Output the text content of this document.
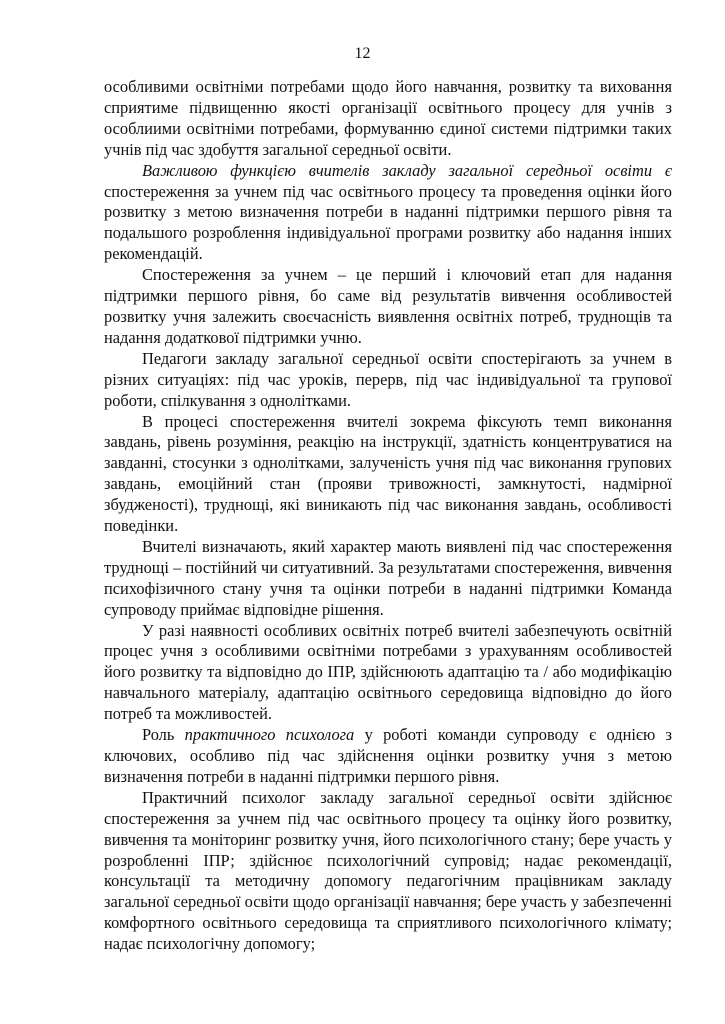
12

особливими освітніми потребами щодо його навчання, розвитку та виховання сприятиме підвищенню якості організації освітнього процесу для учнів з особлиими освітніми потребами, формуванню єдиної системи підтримки таких учнів під час здобуття загальної середньої освіти.

Важливою функцією вчителів закладу загальної середньої освіти є спостереження за учнем під час освітнього процесу та проведення оцінки його розвитку з метою визначення потреби в наданні підтримки першого рівня та подальшого розроблення індивідуальної програми розвитку або надання інших рекомендацій.

Спостереження за учнем – це перший і ключовий етап для надання підтримки першого рівня, бо саме від результатів вивчення особливостей розвитку учня залежить своєчасність виявлення освітніх потреб, труднощів та надання додаткової підтримки учню.

Педагоги закладу загальної середньої освіти спостерігають за учнем в різних ситуаціях: під час уроків, перерв, під час індивідуальної та групової роботи, спілкування з однолітками.

В процесі спостереження вчителі зокрема фіксують темп виконання завдань, рівень розуміння, реакцію на інструкції, здатність концентруватися на завданні, стосунки з однолітками, залученість учня під час виконання групових завдань, емоційний стан (прояви тривожності, замкнутості, надмірної збудженості), труднощі, які виникають під час виконання завдань, особливості поведінки.

Вчителі визначають, який характер мають виявлені під час спостереження труднощі – постійний чи ситуативний. За результатами спостереження, вивчення психофізичного стану учня та оцінки потреби в наданні підтримки Команда супроводу приймає відповідне рішення.

У разі наявності особливих освітніх потреб вчителі забезпечують освітній процес учня з особливими освітніми потребами з урахуванням особливостей його розвитку та відповідно до ІПР, здійснюють адаптацію та / або модифікацію навчального матеріалу, адаптацію освітнього середовища відповідно до його потреб та можливостей.

Роль практичного психолога у роботі команди супроводу є однією з ключових, особливо під час здійснення оцінки розвитку учня з метою визначення потреби в наданні підтримки першого рівня.

Практичний психолог закладу загальної середньої освіти здійснює спостереження за учнем під час освітнього процесу та оцінку його розвитку, вивчення та моніторинг розвитку учня, його психологічного стану; бере участь у розробленні ІПР; здійснює психологічний супровід; надає рекомендації, консультації та методичну допомогу педагогічним працівникам закладу загальної середньої освіти щодо організації навчання; бере участь у забезпеченні комфортного освітнього середовища та сприятливого психологічного клімату; надає психологічну допомогу;
